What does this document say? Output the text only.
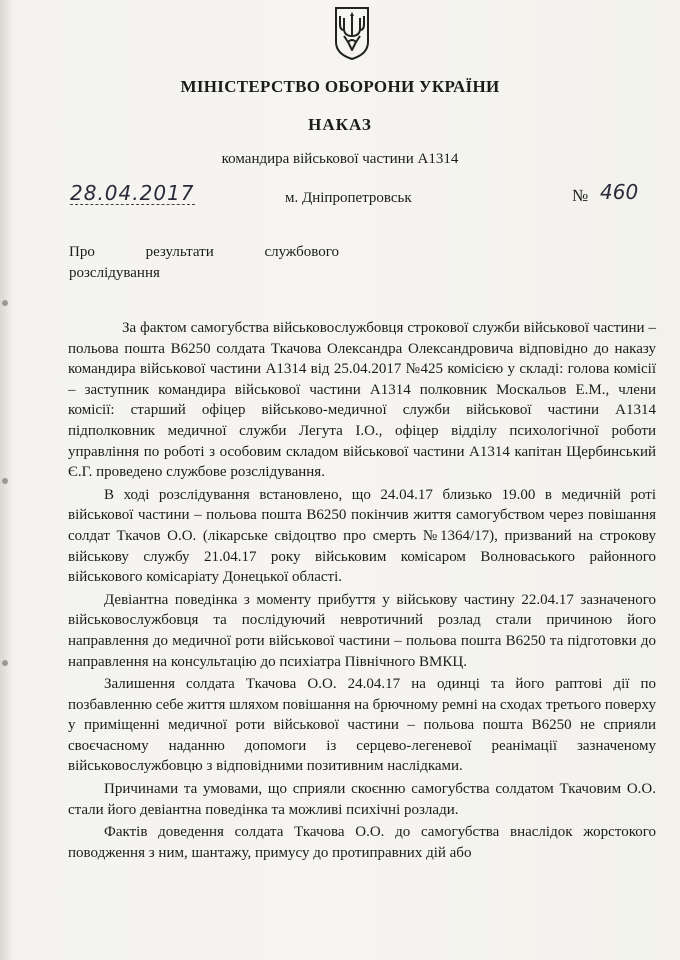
МІНІСТЕРСТВО ОБОРОНИ УКРАЇНИ
НАКАЗ
командира військової частини А1314
28.04.2017	м. Дніпропетровськ	№ 460
Про результати службового
розслідування

За фактом самогубства військовослужбовця строкової служби військової частини – польова пошта В6250 солдата Ткачова Олександра Олександровича відповідно до наказу командира військової частини А1314 від 25.04.2017 №425 комісією у складі: голова комісії – заступник командира військової частини А1314 полковник Москальов Е.М., члени комісії: старший офіцер військово-медичної служби військової частини А1314 підполковник медичної служби Легута І.О., офіцер відділу психологічної роботи управління по роботі з особовим складом військової частини А1314 капітан Щербинський Є.Г. проведено службове розслідування.

В ході розслідування встановлено, що 24.04.17 близько 19.00 в медичній роті військової частини – польова пошта В6250 покінчив життя самогубством через повішання солдат Ткачов О.О. (лікарське свідоцтво про смерть №1364/17), призваний на строкову військову службу 21.04.17 року військовим комісаром Волноваського районного військового комісаріату Донецької області.

Девіантна поведінка з моменту прибуття у військову частину 22.04.17 зазначеного військовослужбовця та послідуючий невротичний розлад стали причиною його направлення до медичної роти військової частини – польова пошта В6250 та підготовки до направлення на консультацію до психіатра Північного ВМКЦ.

Залишення солдата Ткачова О.О. 24.04.17 на одинці та його раптові дії по позбавленню себе життя шляхом повішання на брючному ремні на сходах третього поверху у приміщенні медичної роти військової частини – польова пошта В6250 не сприяли своєчасному наданню допомоги із серцево-легеневої реанімації зазначеному військовослужбовцю з відповідними позитивним наслідками.

Причинами та умовами, що сприяли скоєнню самогубства солдатом Ткачовим О.О. стали його девіантна поведінка та можливі психічні розлади.

Фактів доведення солдата Ткачова О.О. до самогубства внаслідок жорстокого поводження з ним, шантажу, примусу до протиправних дій або
